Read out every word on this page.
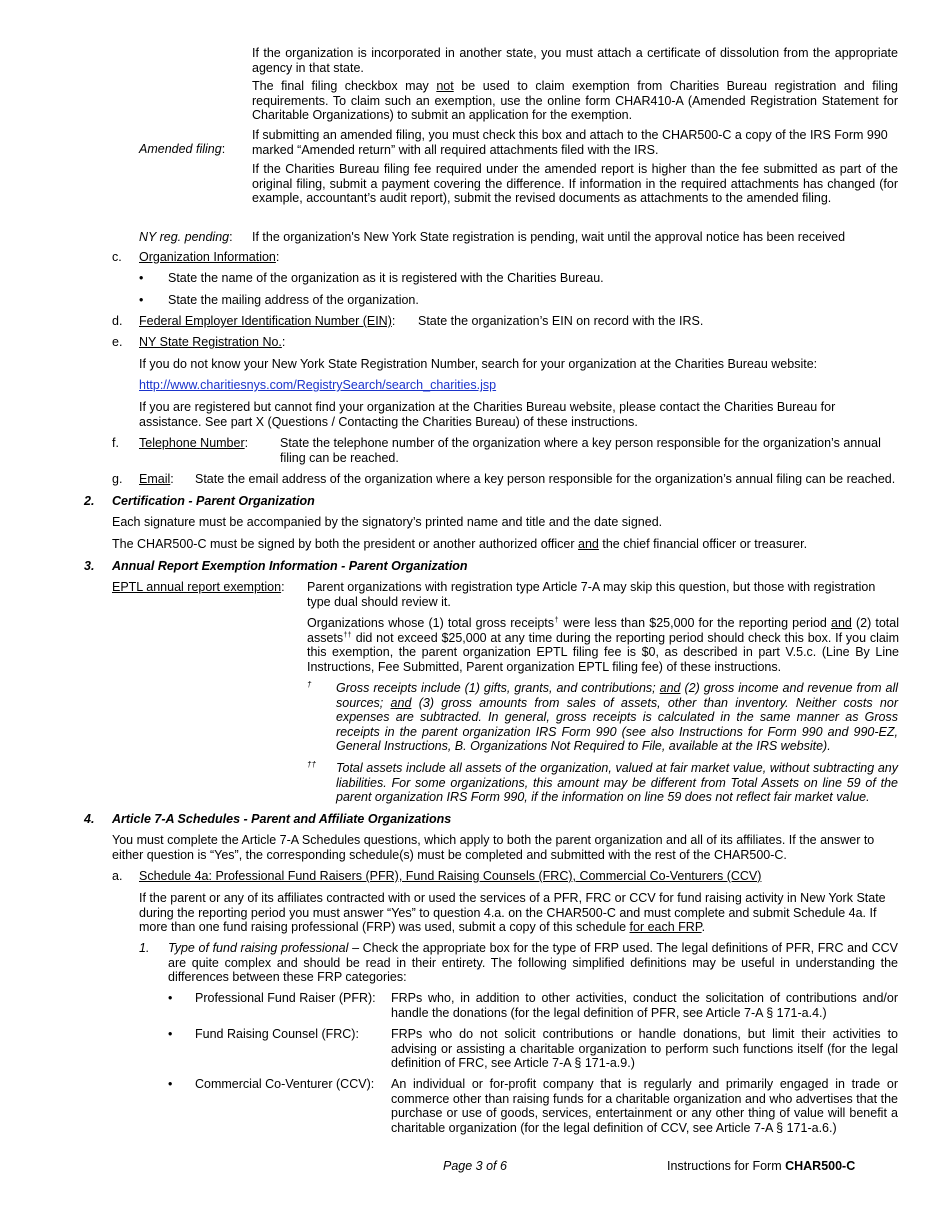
If the organization is incorporated in another state, you must attach a certificate of dissolution from the appropriate agency in that state.
The final filing checkbox may not be used to claim exemption from Charities Bureau registration and filing requirements. To claim such an exemption, use the online form CHAR410-A (Amended Registration Statement for Charitable Organizations) to submit an application for the exemption.
Amended filing:
If submitting an amended filing, you must check this box and attach to the CHAR500-C a copy of the IRS Form 990 marked “Amended return” with all required attachments filed with the IRS.
If the Charities Bureau filing fee required under the amended report is higher than the fee submitted as part of the original filing, submit a payment covering the difference. If information in the required attachments has changed (for example, accountant’s audit report), submit the revised documents as attachments to the amended filing.
NY reg. pending: If the organization's New York State registration is pending, wait until the approval notice has been received
c. Organization Information:
• State the name of the organization as it is registered with the Charities Bureau.
• State the mailing address of the organization.
d. Federal Employer Identification Number (EIN): State the organization’s EIN on record with the IRS.
e. NY State Registration No.:
If you do not know your New York State Registration Number, search for your organization at the Charities Bureau website:
http://www.charitiesnys.com/RegistrySearch/search_charities.jsp
If you are registered but cannot find your organization at the Charities Bureau website, please contact the Charities Bureau for assistance. See part X (Questions / Contacting the Charities Bureau) of these instructions.
f. Telephone Number:	State the telephone number of the organization where a key person responsible for the organization’s annual filing can be reached.
g. Email: State the email address of the organization where a key person responsible for the organization’s annual filing can be reached.
2. Certification - Parent Organization
Each signature must be accompanied by the signatory’s printed name and title and the date signed.
The CHAR500-C must be signed by both the president or another authorized officer and the chief financial officer or treasurer.
3. Annual Report Exemption Information - Parent Organization
EPTL annual report exemption: Parent organizations with registration type Article 7-A may skip this question, but those with registration type dual should review it.
Organizations whose (1) total gross receipts† were less than $25,000 for the reporting period and (2) total assets†† did not exceed $25,000 at any time during the reporting period should check this box. If you claim this exemption, the parent organization EPTL filing fee is $0, as described in part V.5.c. (Line By Line Instructions, Fee Submitted, Parent organization EPTL filing fee) of these instructions.
† Gross receipts include (1) gifts, grants, and contributions; and (2) gross income and revenue from all sources; and (3) gross amounts from sales of assets, other than inventory. Neither costs nor expenses are subtracted. In general, gross receipts is calculated in the same manner as Gross receipts in the parent organization IRS Form 990 (see also Instructions for Form 990 and 990-EZ, General Instructions, B. Organizations Not Required to File, available at the IRS website).
†† Total assets include all assets of the organization, valued at fair market value, without subtracting any liabilities. For some organizations, this amount may be different from Total Assets on line 59 of the parent organization IRS Form 990, if the information on line 59 does not reflect fair market value.
4. Article 7-A Schedules - Parent and Affiliate Organizations
You must complete the Article 7-A Schedules questions, which apply to both the parent organization and all of its affiliates. If the answer to either question is “Yes”, the corresponding schedule(s) must be completed and submitted with the rest of the CHAR500-C.
a. Schedule 4a: Professional Fund Raisers (PFR), Fund Raising Counsels (FRC), Commercial Co-Venturers (CCV)
If the parent or any of its affiliates contracted with or used the services of a PFR, FRC or CCV for fund raising activity in New York State during the reporting period you must answer “Yes” to question 4.a. on the CHAR500-C and must complete and submit Schedule 4a. If more than one fund raising professional (FRP) was used, submit a copy of this schedule for each FRP.
1. Type of fund raising professional – Check the appropriate box for the type of FRP used. The legal definitions of PFR, FRC and CCV are quite complex and should be read in their entirety. The following simplified definitions may be useful in understanding the differences between these FRP categories:
• Professional Fund Raiser (PFR): FRPs who, in addition to other activities, conduct the solicitation of contributions and/or handle the donations (for the legal definition of PFR, see Article 7-A § 171-a.4.)
• Fund Raising Counsel (FRC):	FRPs who do not solicit contributions or handle donations, but limit their activities to advising or assisting a charitable organization to perform such functions itself (for the legal definition of FRC, see Article 7-A § 171-a.9.)
• Commercial Co-Venturer (CCV): An individual or for-profit company that is regularly and primarily engaged in trade or commerce other than raising funds for a charitable organization and who advertises that the purchase or use of goods, services, entertainment or any other thing of value will benefit a charitable organization (for the legal definition of CCV, see Article 7-A § 171-a.6.)
Page 3 of 6	Instructions for Form CHAR500-C
